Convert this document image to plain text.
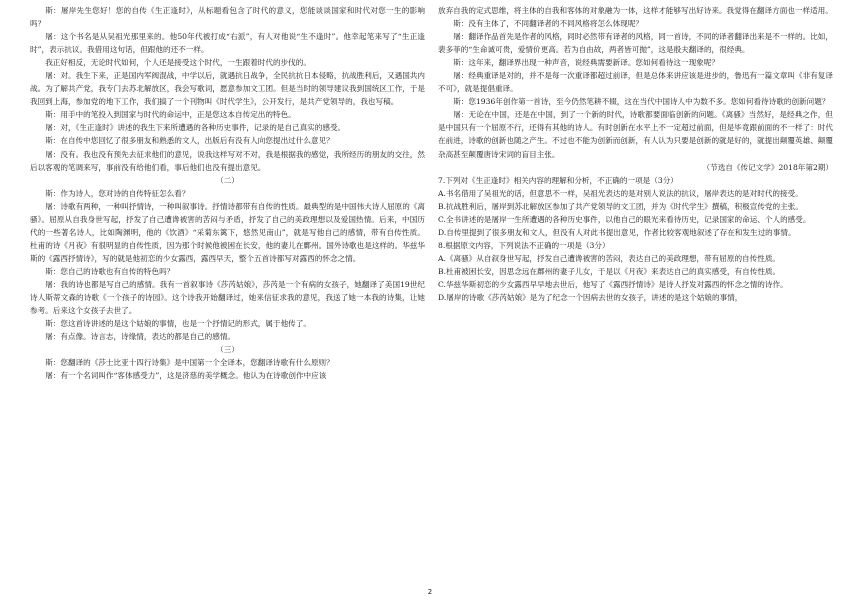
斯：屠岸先生您好！您的自传《生正逢时》，从标题看包含了时代的意义，您能谈谈国家和时代对您一生的影响吗？

屠：这个书名是从吴祖光那里来的。他50年代被打成“右派”，有人对他说“生不逢时”。他幸起笔来写了“生正逢时”，表示抗议。我借用这句话，但跟他的还不一样。

我正好相反，无论时代如何，个人还是接受这个时代，一生跟着时代的步伐的。

屠：对。我生下来，正是国内军阀混战，中学以后，就遇抗日战争，全民抗抗日本侵略，抗战胜利后，又遇国共内战。为了解共产党，我专门去苏北解放区，我会写歌词，愿意参加文工团。但是当时的领导建议我到国统区工作，于是我回到上海，参加党的地下工作，我们搞了一个刊物叫《时代学生》，公开发行，是共产党领导的，我也写稿。

斯：用手中的笔投入到国家与时代的命运中，正是您这本自传定出的特色。

屠：对，《生正逢时》讲述的我生下来所遭遇的各种历史事件，记录的是自己真实的感受。

斯：在自传中您回忆了很多朋友和熟悉的文人，出版后有没有人向您提出过什么意见？

屠：没有。我也没有预先去征求他们的意见，说我这样写对不对，我是根据我的感觉，我所经历的朋友的交往，然后以客观的笔调来写，事前没有给他们看，事后他们也没有提出意见。

（二）

斯：作为诗人，您对诗的自传特征怎么看？

屠：诗歌有两种，一种叫抒情诗，一种叫叙事诗。抒情诗都带有自传的性质。最典型的是中国伟大诗人屈原的《离骚》。屈原从自我身世写起，抒发了自己遭谗被害的苦闷与矛盾，抒发了自己的美政理想以及爱国热情。后来，中国历代的一些著名诗人，比如陶渊明，他的《饮酒》“采菊东篱下，悠然见南山”，就是写他自己的感情，带有自传性质。杜甫的诗《月夜》有很明显的自传性质，因为那个时候他被困在长安，他的妻儿在鄜州。国外诗歌也是这样的。华兹华斯的《露西抒情诗》，写的就是他初恋的少女露西，露西早天，整个五首诗都写对露西的怀念之情。

斯：您自己的诗歌也有自传的特色吗？

屠：我的诗也都是写自己的感情。我有一首叙事诗《莎芮姑娘》，莎芮是一个有病的女孩子，她翻译了美国19世纪诗人斯蒂文森的诗歌《一个孩子的诗园》。这个诗我开始翻译过，她来信征求我的意见，我送了她一本我的诗集，让她参考。后来这个女孩子去世了。

斯：您这首诗讲述的是这个姑娘的事情，也是一个抒情记的形式，属于他传了。

屠：有点像。诗言志，诗缘情，表达的都是自己的感情。

（三）

斯：您翻译的《莎士比亚十四行诗集》是中国第一个全译本，您翻译诗歌有什么原则？

屠：有一个名词叫作“客体感受力”，这是济慈的美学概念。他认为在诗歌创作中应该

放弃自我的定式思维，将主体的自我和客体的对象融为一体，这样才能够写出好诗来。我觉得在翻译方面也一样适用。

斯：没有主体了，不同翻译者的不同风格将怎么体现呢？

屠：翻译作品首先是作者的风格，同时必然带有译者的风格，同一首诗，不同的译者翻译出来是不一样的。比如，裴多菲的“生命诚可贵，爱情价更高。若为自由故，两者皆可抛”，这是殷夫翻译的，很经典。

斯：这年来，翻译界出现一种声音，说经典需要新译。您如何看待这一现象呢？

屠：经典重译是对的，并不是每一次重译都超过前译，但是总体来讲应该是进步的，鲁迅有一篇文章叫《非有复译不可》，就是提倡重译。

斯：您1936年创作第一首诗，至今仍然笔耕不辍，这在当代中国诗人中为数不多。您如何看待诗歌的创新问题？

屠：无论在中国，还是在中国，到了一个新的时代，诗歌都要面临创新的问题。《离骚》当然好，是经典之作，但是中国只有一个屈原不行，还得有其他的诗人。有时创新在水平上不一定超过前面，但是毕竟跟前面的不一样了：时代在前进，诗歌的创新也随之产生。不过也不能为创新而创新，有人认为只要是创新的就是好的，就提出颠覆英雄、颠覆杂高甚至颠覆唐诗宋词的盲目主张。

（节选自《传记文学》2018年第2期）

7.下列对《生正逢时》相关内容的理解和分析，不正确的一项是（3分）

A.书名借用了吴祖光的话，但意思不一样，吴祖光表达的是对别人说法的抗议，屠岸表达的是对时代的接受。

B.抗战胜利后，屠岸到苏北解放区参加了共产党领导的文工团，并为《时代学生》撰稿，积极宣传党的主张。

C.全书讲述的是屠岸一生所遭遇的各种历史事件，以他自己的眼光来看待历史，记录国家的命运、个人的感受。

D.自传里提到了很多朋友和文人，但没有人对此书提出意见，作者比较客观地叙述了存在和发生过的事情。

8.根据原文内容，下列说法不正确的一项是（3分）

A.《离骚》从自叙身世写起，抒发自己遭谗被害的苦闷，表达自己的美政理想，带有屈原的自传性质。

B.杜甫被困长安，因思念远在鄜州的妻子儿女，于是以《月夜》来表达自己的真实感受，有自传性质。

C.华兹华斯初恋的少女露西早早地去世后，他写了《露西抒情诗》是诗人抒发对露西的怀念之情的诗作。

D.屠岸的诗歌《莎芮姑娘》是为了纪念一个因病去世的女孩子，讲述的是这个姑娘的事情，

2
